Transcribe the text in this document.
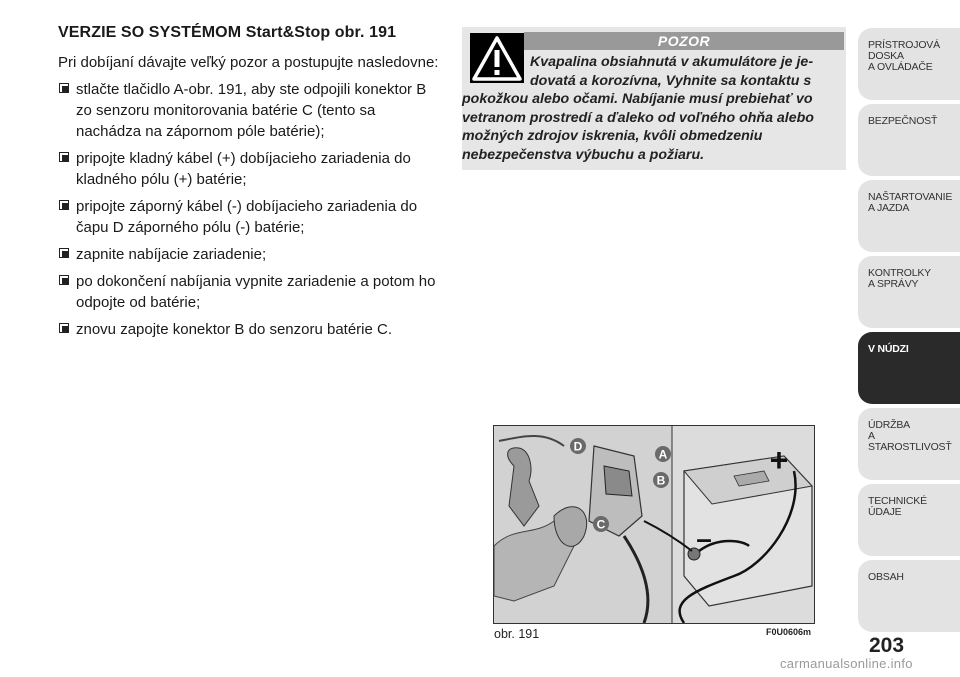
VERZIE SO SYSTÉMOM Start&Stop obr. 191
Pri dobíjaní dávajte veľký pozor a postupujte nasledovne:
stlačte tlačidlo A-obr. 191, aby ste odpojili konektor B zo senzoru monitorovania batérie C (tento sa nachádza na zápornom póle batérie);
pripojte kladný kábel (+) dobíjacieho zariadenia do kladného pólu (+) batérie;
pripojte záporný kábel (-) dobíjacieho zariadenia do čapu D záporného pólu (-) batérie;
zapnite nabíjacie zariadenie;
po dokončení nabíjania vypnite zariadenie a potom ho odpojte od batérie;
znovu zapojte konektor B do senzoru batérie C.
POZOR
Kvapalina obsiahnutá v akumulátore je je-
dovatá a korozívna, Vyhnite sa kontaktu s
pokožkou alebo očami. Nabíjanie musí prebiehať vo vetranom prostredí a ďaleko od voľného ohňa alebo možných zdrojov iskrenia, kvôli obmedzeniu nebezpečenstva výbuchu a požiaru.
D
A
B
C
+
–
obr. 191	F0U0606m
PRÍSTROJOVÁ
DOSKA
A OVLÁDAČE
BEZPEČNOSŤ
NAŠTARTOVANIE
A JAZDA
KONTROLKY
A SPRÁVY
V NÚDZI
ÚDRŽBA
A STAROSTLIVOSŤ
TECHNICKÉ ÚDAJE
OBSAH
203
carmanualsonline.info
